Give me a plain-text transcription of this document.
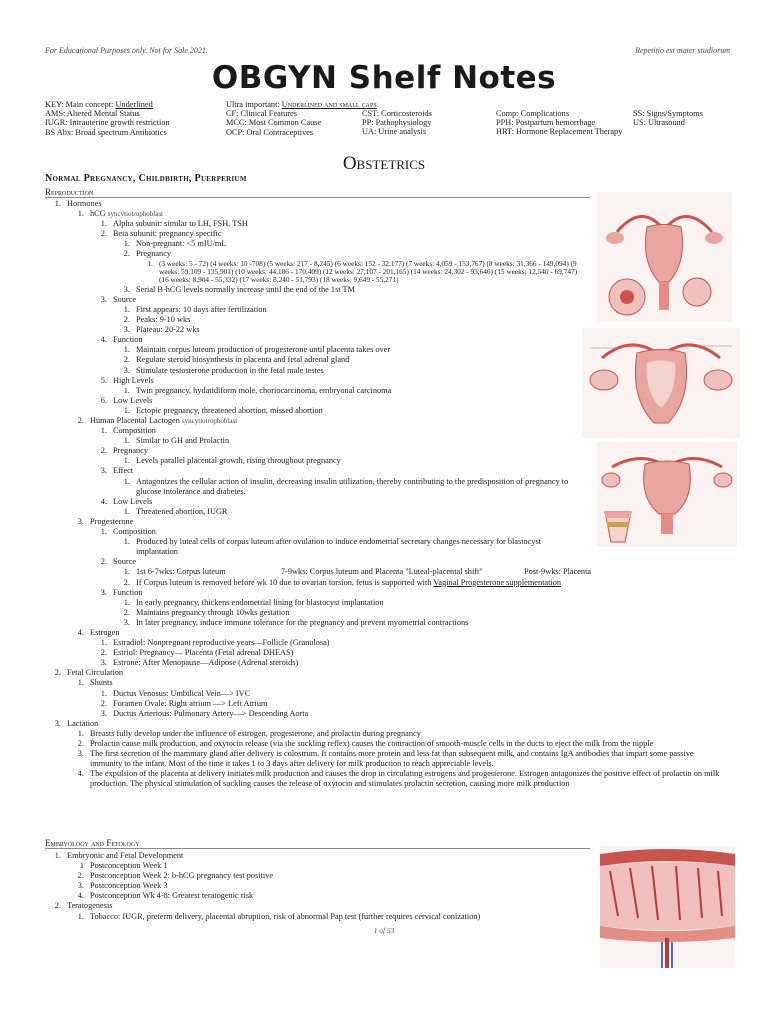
For Educational Purposes only. Not for Sale 2021.	Repetitio est mater studiorum
OBGYN Shelf Notes
KEY: Main concept: Underlined
AMS: Altered Mental Status
IUGR: Intrauterine growth restriction
BS Abx: Broad spectrum Antibiotics
Ultra important: Underlined and small caps
CF: Clinical Features
MCC: Most Common Cause
OCP: Oral Contraceptives
CST: Corticosteroids
PP: Pathophysiology
UA: Urine analysis
Comp: Complications
PPH: Postpartum hemorrhage
HRT: Hormone Replacement Therapy
SS: Signs/Symptoms
US: Ultrasound
Obstetrics
Normal Pregnancy, Childbirth, Puerperium
Reproduction
1. Hormones
1. hCG syncytiotrophoblast
1. Alpha subunit: similar to LH, FSH, TSH
2. Beta subunit: pregnancy specific
1. Non-pregnant: <5 mIU/mL
2. Pregnancy
1. (3 weeks: 5 - 72) (4 weeks: 10 -708) (5 weeks: 217 - 8,245) (6 weeks: 152 - 32,177) (7 weeks: 4,059 - 153,767) (8 weeks: 31,366 - 149,094) (9 weeks: 59,109 - 135,901) (10 weeks: 44,186 - 170,409) (12 weeks: 27,107 - 201,165) (14 weeks: 24,302 - 93,646) (15 weeks: 12,540 - 69,747) (16 weeks: 8,904 - 55,332) (17 weeks: 8,240 - 51,793) (18 weeks: 9,649 - 55,271)
3. Serial B-hCG levels normally increase until the end of the 1st TM
3. Source
1. First appears: 10 days after fertilization
2. Peaks: 9-10 wks
3. Plateau: 20-22 wks
4. Function
1. Maintain corpus luteum production of progesterone until placenta takes over
2. Regulate steroid biosynthesis in placenta and fetal adrenal gland
3. Stimulate testosterone production in the fetal male testes
5. High Levels
1. Twin pregnancy, hydatidiform mole, choriocarcinoma, embryonal carcinoma
6. Low Levels
1. Ectopic pregnancy, threatened abortion, missed abortion
2. Human Placental Lactogen syncytiotrophoblast
1. Composition
1. Similar to GH and Prolactin
2. Pregnancy
1. Levels parallel placental growth, rising throughout pregnancy
3. Effect
1. Antagonizes the cellular action of insulin, decreasing insulin utilization, thereby contributing to the predisposition of pregnancy to glucose intolerance and diabetes.
4. Low Levels
1. Threatened abortion, IUGR
3. Progesterone
1. Composition
1. Produced by luteal cells of corpus luteum after ovulation to induce endometrial secretary changes necessary for blastocyst implantation
2. Source
1. 1st 6-7wks: Corpus luteum	7-9wks: Corpus luteum and Placenta "Luteal-placental shift"	Post-9wks: Placenta
2. If Corpus luteum is removed before wk 10 due to ovarian torsion, fetus is supported with Vaginal Progesterone supplementation
3. Function
1. In early pregnancy, thickens endometrial lining for blastocyst implantation
2. Maintains pregnancy through 10wks gestation
3. In later pregnancy, induce immune tolerance for the pregnancy and prevent myometrial contractions
4. Estrogen
1. Estradiol: Nonpregnant reproductive years—Follicle (Granulosa)
2. Estriol: Pregnancy— Placenta (Fetal adrenal DHEAS)
3. Estrone: After Menopause—Adipose (Adrenal steroids)
2. Fetal Circulation
1. Shunts
1. Ductus Venosus: Umbilical Vein—> IVC
2. Foramen Ovale: Right atrium —> Left Atrium
3. Ductus Arterious: Pulmonary Artery—> Descending Aorta
3. Lactation
1. Breasts fully develop under the influence of estrogen, progesterone, and prolactin during pregnancy
2. Prolactin cause milk production, and oxytocin release (via the suckling reflex) causes the contraction of smooth-muscle cells in the ducts to eject the milk from the nipple
3. The first secretion of the mammary gland after delivery is colostrum. It contains more protein and less fat than subsequent milk, and contains IgA antibodies that impart some passive immunity to the infant. Most of the time it takes 1 to 3 days after delivery for milk production to reach appreciable levels.
4. The expulsion of the placenta at delivery initiates milk production and causes the drop in circulating estrogens and progesterone. Estrogen antagonizes the positive effect of prolactin on milk production. The physical stimulation of suckling causes the release of oxytocin and stimulates prolactin secretion, causing more milk production
Embryology and Fetology
1. Embryonic and Fetal Development
1 Postconception Week 1
2. Postconception Week 2: b-hCG pregnancy test positive
3. Postconception Week 3
4. Postconception Wk 4-8: Greatest teratogenic risk
2. Teratogenesis
1. Tobacco: IUGR, preterm delivery, placental abruption, risk of abnormal Pap test (further requires cervical conization)
1 of 53
